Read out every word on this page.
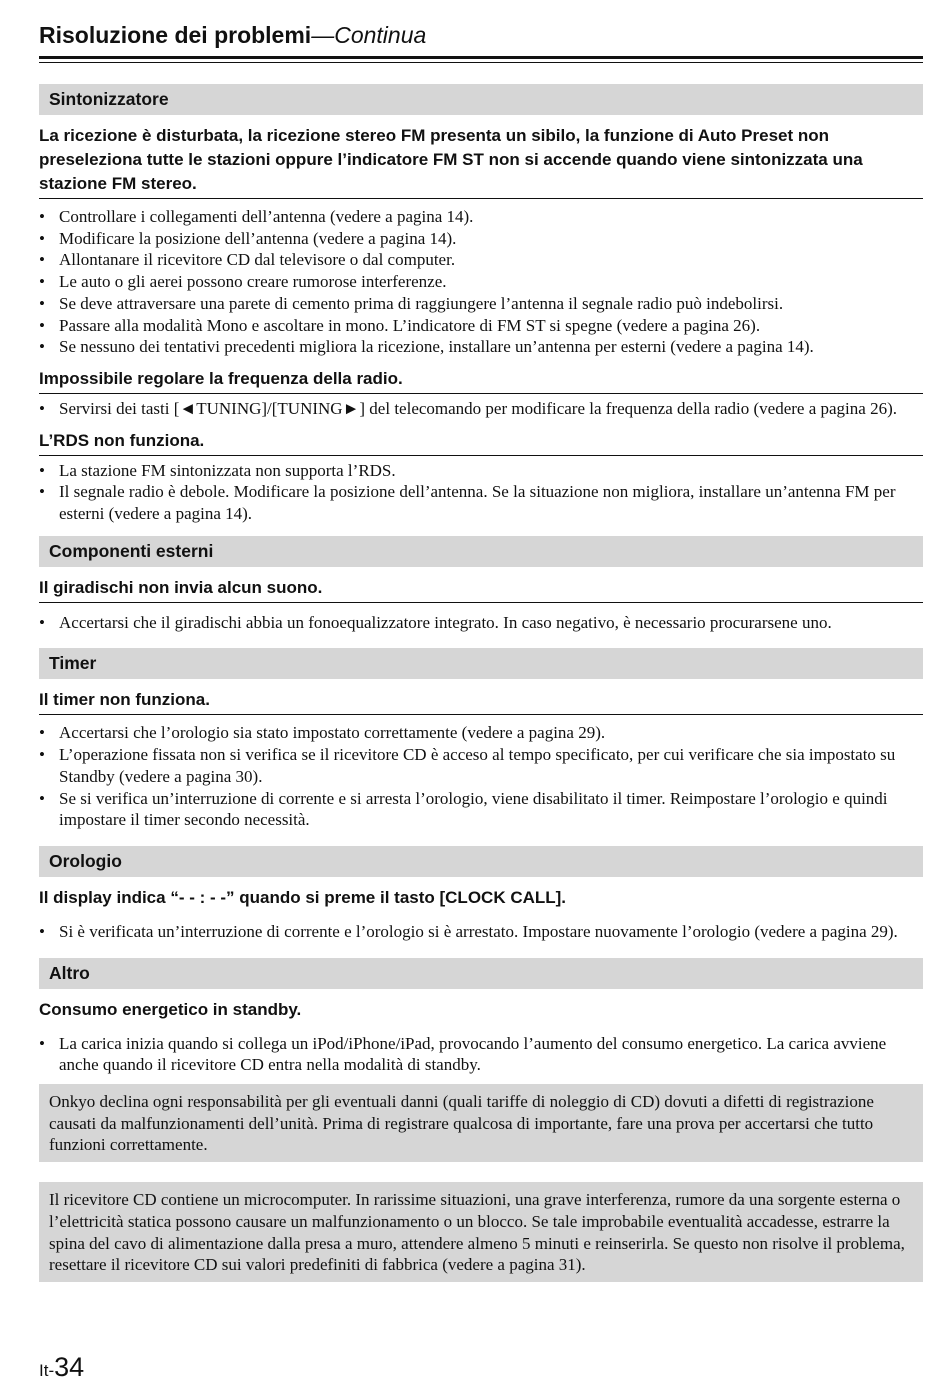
Risoluzione dei problemi—Continua
Sintonizzatore
La ricezione è disturbata, la ricezione stereo FM presenta un sibilo, la funzione di Auto Preset non preseleziona tutte le stazioni oppure l’indicatore FM ST non si accende quando viene sintonizzata una stazione FM stereo.
• Controllare i collegamenti dell’antenna (vedere a pagina 14).
• Modificare la posizione dell’antenna (vedere a pagina 14).
• Allontanare il ricevitore CD dal televisore o dal computer.
• Le auto o gli aerei possono creare rumorose interferenze.
• Se deve attraversare una parete di cemento prima di raggiungere l’antenna il segnale radio può indebolirsi.
• Passare alla modalità Mono e ascoltare in mono. L’indicatore di FM ST si spegne (vedere a pagina 26).
• Se nessuno dei tentativi precedenti migliora la ricezione, installare un’antenna per esterni (vedere a pagina 14).
Impossibile regolare la frequenza della radio.
• Servirsi dei tasti [◄TUNING]/[TUNING►] del telecomando per modificare la frequenza della radio (vedere a pagina 26).
L’RDS non funziona.
• La stazione FM sintonizzata non supporta l’RDS.
• Il segnale radio è debole. Modificare la posizione dell’antenna. Se la situazione non migliora, installare un’antenna FM per esterni (vedere a pagina 14).
Componenti esterni
Il giradischi non invia alcun suono.
• Accertarsi che il giradischi abbia un fonoequalizzatore integrato. In caso negativo, è necessario procurarsene uno.
Timer
Il timer non funziona.
• Accertarsi che l’orologio sia stato impostato correttamente (vedere a pagina 29).
• L’operazione fissata non si verifica se il ricevitore CD è acceso al tempo specificato, per cui verificare che sia impostato su Standby (vedere a pagina 30).
• Se si verifica un’interruzione di corrente e si arresta l’orologio, viene disabilitato il timer. Reimpostare l’orologio e quindi impostare il timer secondo necessità.
Orologio
Il display indica “- - : - -” quando si preme il tasto [CLOCK CALL].
• Si è verificata un’interruzione di corrente e l’orologio si è arrestato. Impostare nuovamente l’orologio (vedere a pagina 29).
Altro
Consumo energetico in standby.
• La carica inizia quando si collega un iPod/iPhone/iPad, provocando l’aumento del consumo energetico. La carica avviene anche quando il ricevitore CD entra nella modalità di standby.
Onkyo declina ogni responsabilità per gli eventuali danni (quali tariffe di noleggio di CD) dovuti a difetti di registrazione causati da malfunzionamenti dell’unità. Prima di registrare qualcosa di importante, fare una prova per accertarsi che tutto funzioni correttamente.
Il ricevitore CD contiene un microcomputer. In rarissime situazioni, una grave interferenza, rumore da una sorgente esterna o l’elettricità statica possono causare un malfunzionamento o un blocco. Se tale improbabile eventualità accadesse, estrarre la spina del cavo di alimentazione dalla presa a muro, attendere almeno 5 minuti e reinserirla. Se questo non risolve il problema, resettare il ricevitore CD sui valori predefiniti di fabbrica (vedere a pagina 31).
It-34
